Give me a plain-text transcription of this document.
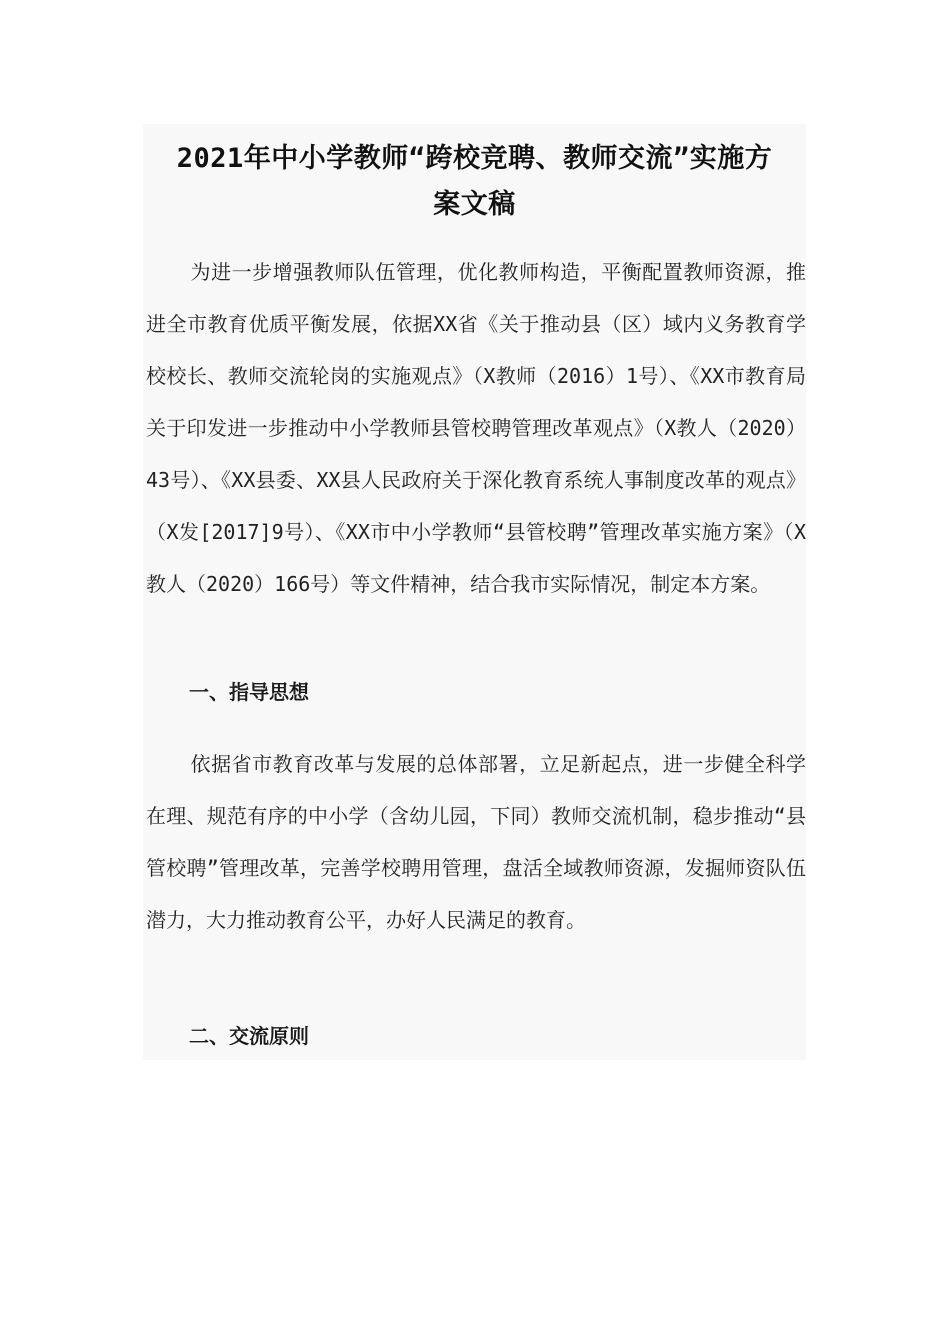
2021年中小学教师“跨校竞聘、教师交流”实施方
案文稿

为进一步增强教师队伍管理，优化教师构造，平衡配置教师资源，推进全市教育优质平衡发展，依据XX省《关于推动县（区）域内义务教育学校校长、教师交流轮岗的实施观点》（X教师（2016）1号）、《XX市教育局关于印发进一步推动中小学教师县管校聘管理改革观点》（X教人（2020）43号）、《XX县委、XX县人民政府关于深化教育系统人事制度改革的观点》（X发[2017]9号）、《XX市中小学教师“县管校聘”管理改革实施方案》（X教人（2020）166号）等文件精神，结合我市实际情况，制定本方案。

一、指导思想

依据省市教育改革与发展的总体部署，立足新起点，进一步健全科学在理、规范有序的中小学（含幼儿园，下同）教师交流机制，稳步推动“县管校聘”管理改革，完善学校聘用管理，盘活全域教师资源，发掘师资队伍潜力，大力推动教育公平，办好人民满足的教育。

二、交流原则
